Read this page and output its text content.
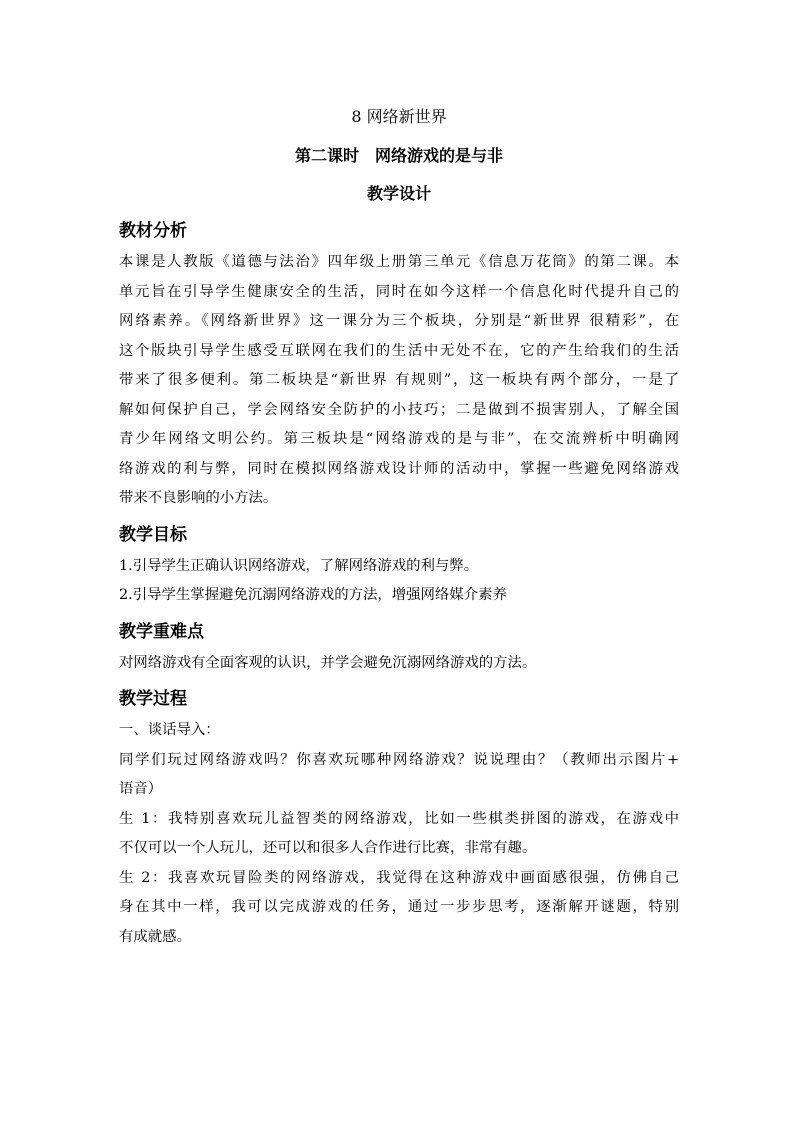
8 网络新世界
第二课时　网络游戏的是与非
教学设计
教材分析
本课是人教版《道德与法治》四年级上册第三单元《信息万花筒》的第二课。本
单元旨在引导学生健康安全的生活，同时在如今这样一个信息化时代提升自己的
网络素养。《网络新世界》这一课分为三个板块，分别是“新世界 很精彩”，在
这个版块引导学生感受互联网在我们的生活中无处不在，它的产生给我们的生活
带来了很多便利。第二板块是“新世界 有规则”，这一板块有两个部分，一是了
解如何保护自己，学会网络安全防护的小技巧；二是做到不损害别人，了解全国
青少年网络文明公约。第三板块是“网络游戏的是与非”，在交流辨析中明确网
络游戏的利与弊，同时在模拟网络游戏设计师的活动中，掌握一些避免网络游戏
带来不良影响的小方法。
教学目标
1.引导学生正确认识网络游戏，了解网络游戏的利与弊。
2.引导学生掌握避免沉溺网络游戏的方法，增强网络媒介素养
教学重难点
对网络游戏有全面客观的认识，并学会避免沉溺网络游戏的方法。
教学过程
一、谈话导入：
同学们玩过网络游戏吗？你喜欢玩哪种网络游戏？说说理由？（教师出示图片+
语音）
生 1：我特别喜欢玩儿益智类的网络游戏，比如一些棋类拼图的游戏，在游戏中
不仅可以一个人玩儿，还可以和很多人合作进行比赛，非常有趣。
生 2：我喜欢玩冒险类的网络游戏，我觉得在这种游戏中画面感很强，仿佛自己
身在其中一样，我可以完成游戏的任务，通过一步步思考，逐渐解开谜题，特别
有成就感。
